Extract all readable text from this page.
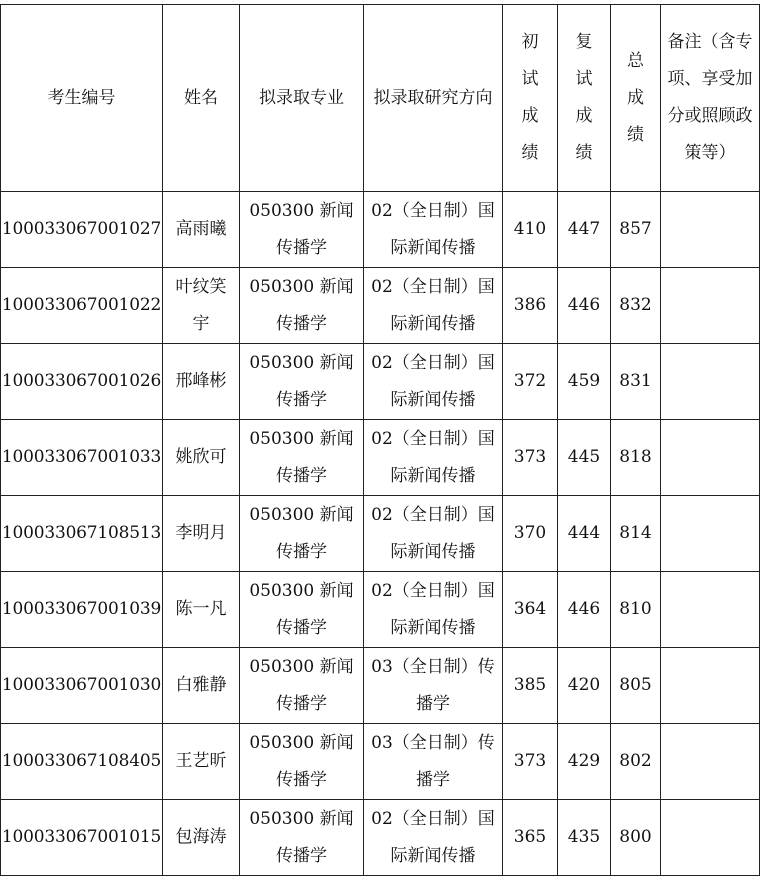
考生编号	姓名	拟录取专业	拟录取研究方向	初试成绩	复试成绩	总成绩	备注（含专项、享受加分或照顾政策等）
100033067001027	高雨曦	050300 新闻传播学	02（全日制）国际新闻传播	410	447	857	
100033067001022	叶纹笑宇	050300 新闻传播学	02（全日制）国际新闻传播	386	446	832	
100033067001026	邢峰彬	050300 新闻传播学	02（全日制）国际新闻传播	372	459	831	
100033067001033	姚欣可	050300 新闻传播学	02（全日制）国际新闻传播	373	445	818	
100033067108513	李明月	050300 新闻传播学	02（全日制）国际新闻传播	370	444	814	
100033067001039	陈一凡	050300 新闻传播学	02（全日制）国际新闻传播	364	446	810	
100033067001030	白雅静	050300 新闻传播学	03（全日制）传播学	385	420	805	
100033067108405	王艺昕	050300 新闻传播学	03（全日制）传播学	373	429	802	
100033067001015	包海涛	050300 新闻传播学	02（全日制）国际新闻传播	365	435	800	
